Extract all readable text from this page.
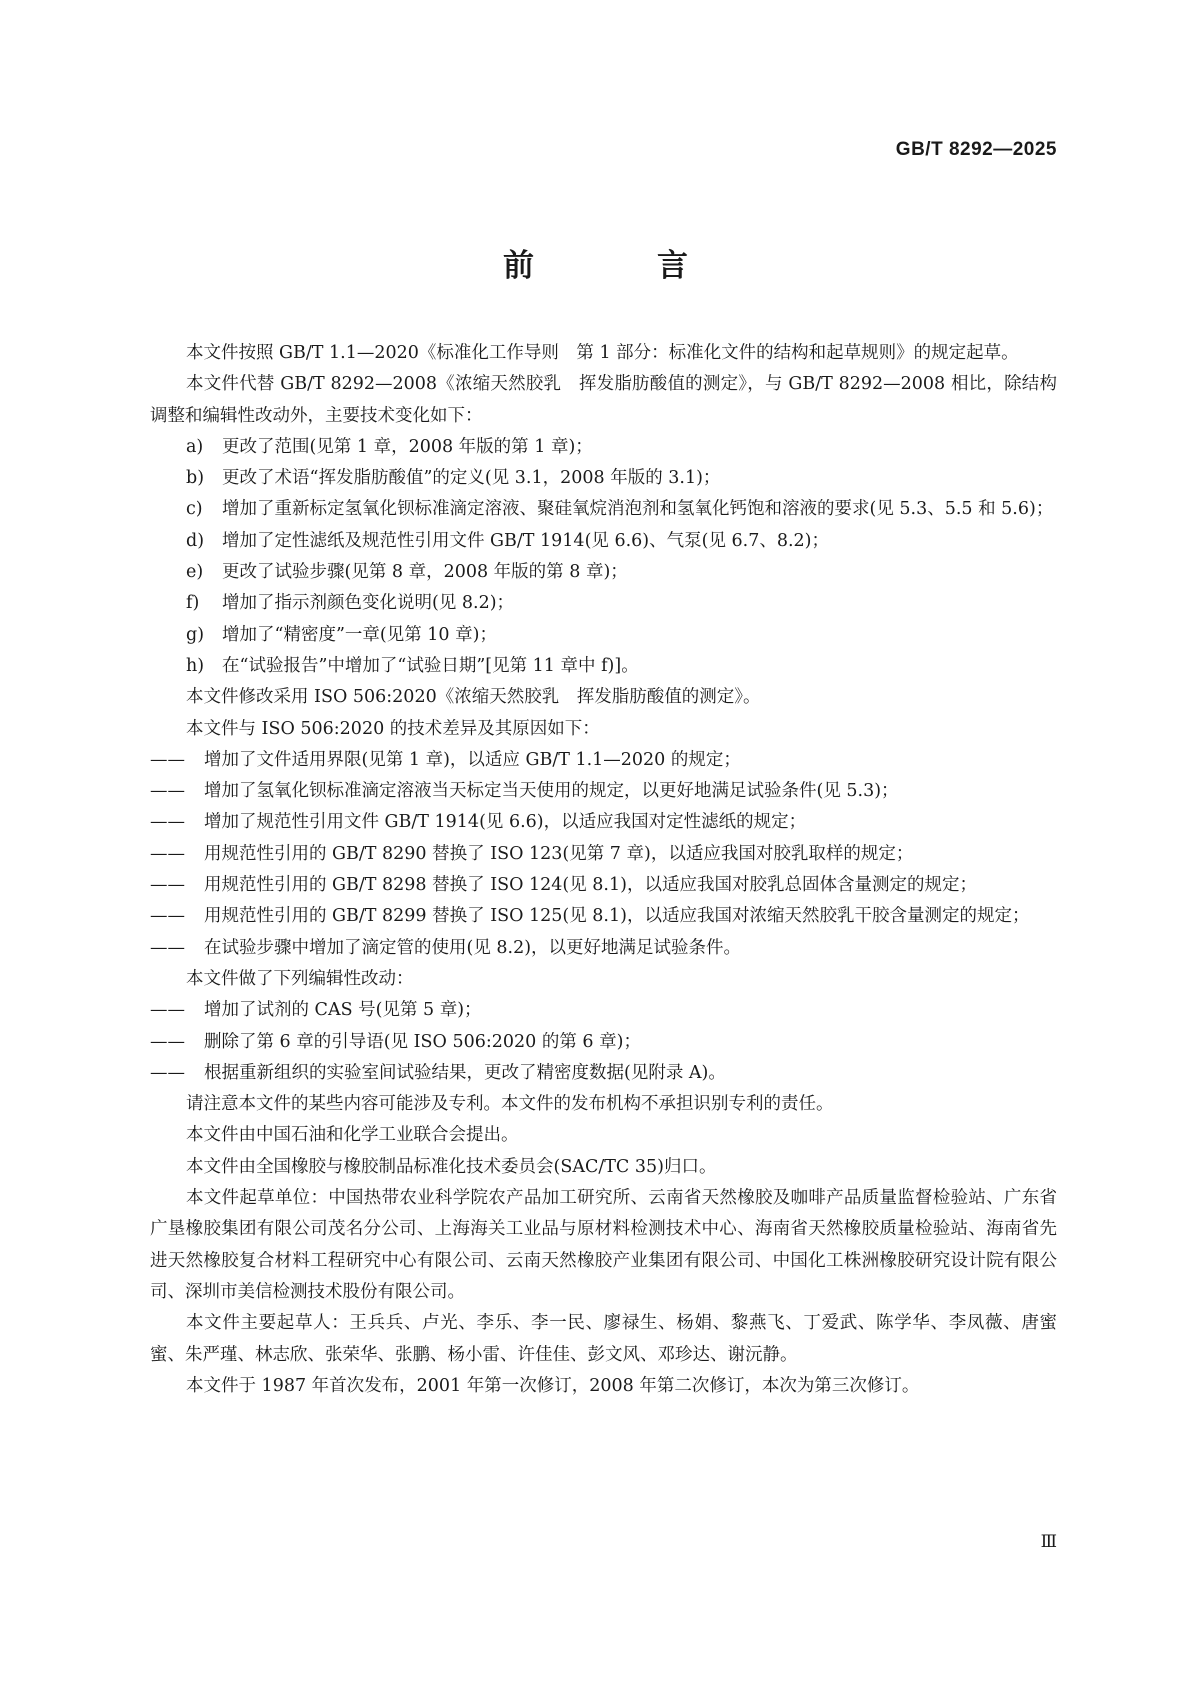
GB/T 8292—2025
前　言

本文件按照 GB/T 1.1—2020《标准化工作导则　第 1 部分：标准化文件的结构和起草规则》的规定起草。

本文件代替 GB/T 8292—2008《浓缩天然胶乳　挥发脂肪酸值的测定》，与 GB/T 8292—2008 相比，除结构调整和编辑性改动外，主要技术变化如下：

a) 更改了范围(见第 1 章，2008 年版的第 1 章)；

b) 更改了术语“挥发脂肪酸值”的定义(见 3.1，2008 年版的 3.1)；

c) 增加了重新标定氢氧化钡标准滴定溶液、聚硅氧烷消泡剂和氢氧化钙饱和溶液的要求(见 5.3、5.5 和 5.6)；

d) 增加了定性滤纸及规范性引用文件 GB/T 1914(见 6.6)、气泵(见 6.7、8.2)；

e) 更改了试验步骤(见第 8 章，2008 年版的第 8 章)；

f) 增加了指示剂颜色变化说明(见 8.2)；

g) 增加了“精密度”一章(见第 10 章)；

h) 在“试验报告”中增加了“试验日期”[见第 11 章中 f)]。

本文件修改采用 ISO 506:2020《浓缩天然胶乳　挥发脂肪酸值的测定》。

本文件与 ISO 506:2020 的技术差异及其原因如下：

—— 增加了文件适用界限(见第 1 章)，以适应 GB/T 1.1—2020 的规定；

—— 增加了氢氧化钡标准滴定溶液当天标定当天使用的规定，以更好地满足试验条件(见 5.3)；

—— 增加了规范性引用文件 GB/T 1914(见 6.6)，以适应我国对定性滤纸的规定；

—— 用规范性引用的 GB/T 8290 替换了 ISO 123(见第 7 章)，以适应我国对胶乳取样的规定；

—— 用规范性引用的 GB/T 8298 替换了 ISO 124(见 8.1)，以适应我国对胶乳总固体含量测定的规定；

—— 用规范性引用的 GB/T 8299 替换了 ISO 125(见 8.1)，以适应我国对浓缩天然胶乳干胶含量测定的规定；

—— 在试验步骤中增加了滴定管的使用(见 8.2)，以更好地满足试验条件。

本文件做了下列编辑性改动：

—— 增加了试剂的 CAS 号(见第 5 章)；

—— 删除了第 6 章的引导语(见 ISO 506:2020 的第 6 章)；

—— 根据重新组织的实验室间试验结果，更改了精密度数据(见附录 A)。

请注意本文件的某些内容可能涉及专利。本文件的发布机构不承担识别专利的责任。

本文件由中国石油和化学工业联合会提出。

本文件由全国橡胶与橡胶制品标准化技术委员会(SAC/TC 35)归口。

本文件起草单位：中国热带农业科学院农产品加工研究所、云南省天然橡胶及咖啡产品质量监督检验站、广东省广垦橡胶集团有限公司茂名分公司、上海海关工业品与原材料检测技术中心、海南省天然橡胶质量检验站、海南省先进天然橡胶复合材料工程研究中心有限公司、云南天然橡胶产业集团有限公司、中国化工株洲橡胶研究设计院有限公司、深圳市美信检测技术股份有限公司。

本文件主要起草人：王兵兵、卢光、李乐、李一民、廖禄生、杨娟、黎燕飞、丁爱武、陈学华、李凤薇、唐蜜蜜、朱严瑾、林志欣、张荣华、张鹏、杨小雷、许佳佳、彭文风、邓珍达、谢沅静。

本文件于 1987 年首次发布，2001 年第一次修订，2008 年第二次修订，本次为第三次修订。

Ⅲ
